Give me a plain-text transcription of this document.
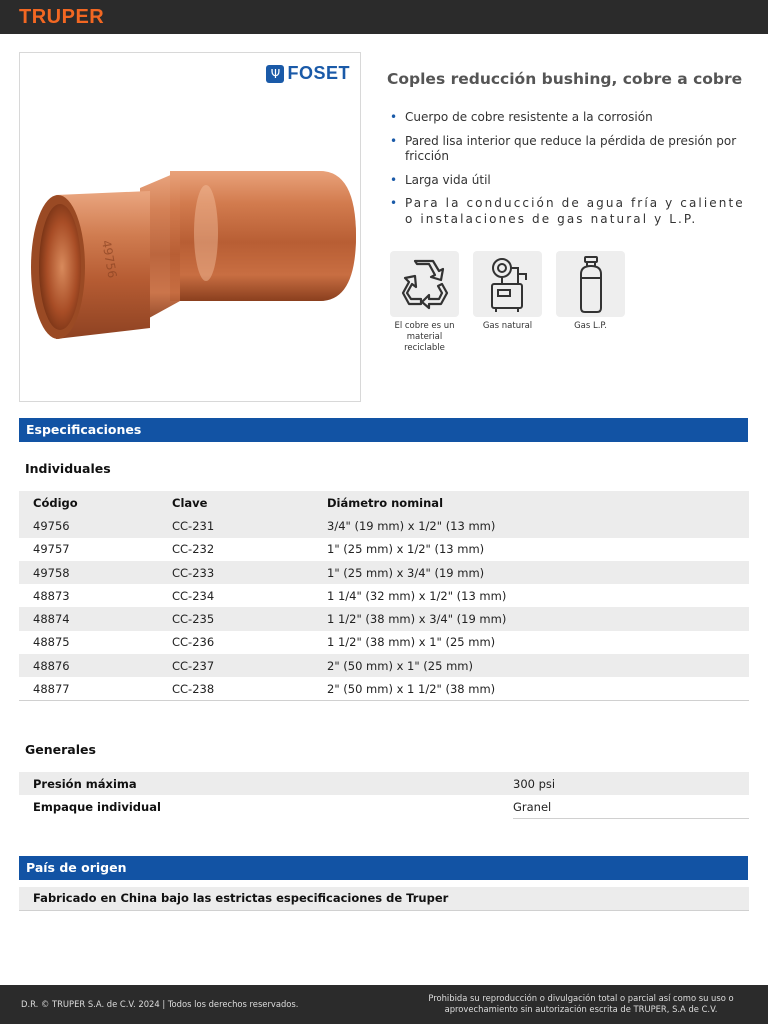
TRUPER
Ψ FOSET
49756
Coples reducción bushing, cobre a cobre
• Cuerpo de cobre resistente a la corrosión
• Pared lisa interior que reduce la pérdida de presión por fricción
• Larga vida útil
• Para la conducción de agua fría y caliente o instalaciones de gas natural y L.P.
El cobre es un material reciclable
Gas natural	Gas L.P.
Especificaciones
Individuales
Código	Clave	Diámetro nominal
49756	CC-231	3/4" (19 mm) x 1/2" (13 mm)
49757	CC-232	1" (25 mm) x 1/2" (13 mm)
49758	CC-233	1" (25 mm) x 3/4" (19 mm)
48873	CC-234	1 1/4" (32 mm) x 1/2" (13 mm)
48874	CC-235	1 1/2" (38 mm) x 3/4" (19 mm)
48875	CC-236	1 1/2" (38 mm) x 1" (25 mm)
48876	CC-237	2" (50 mm) x 1" (25 mm)
48877	CC-238	2" (50 mm) x 1 1/2" (38 mm)
Generales
Presión máxima	300 psi
Empaque individual	Granel
País de origen
Fabricado en China bajo las estrictas especificaciones de Truper
D.R. © TRUPER S.A. de C.V. 2024 | Todos los derechos reservados.
Prohibida su reproducción o divulgación total o parcial así como su uso o aprovechamiento sin autorización escrita de TRUPER, S.A de C.V.
